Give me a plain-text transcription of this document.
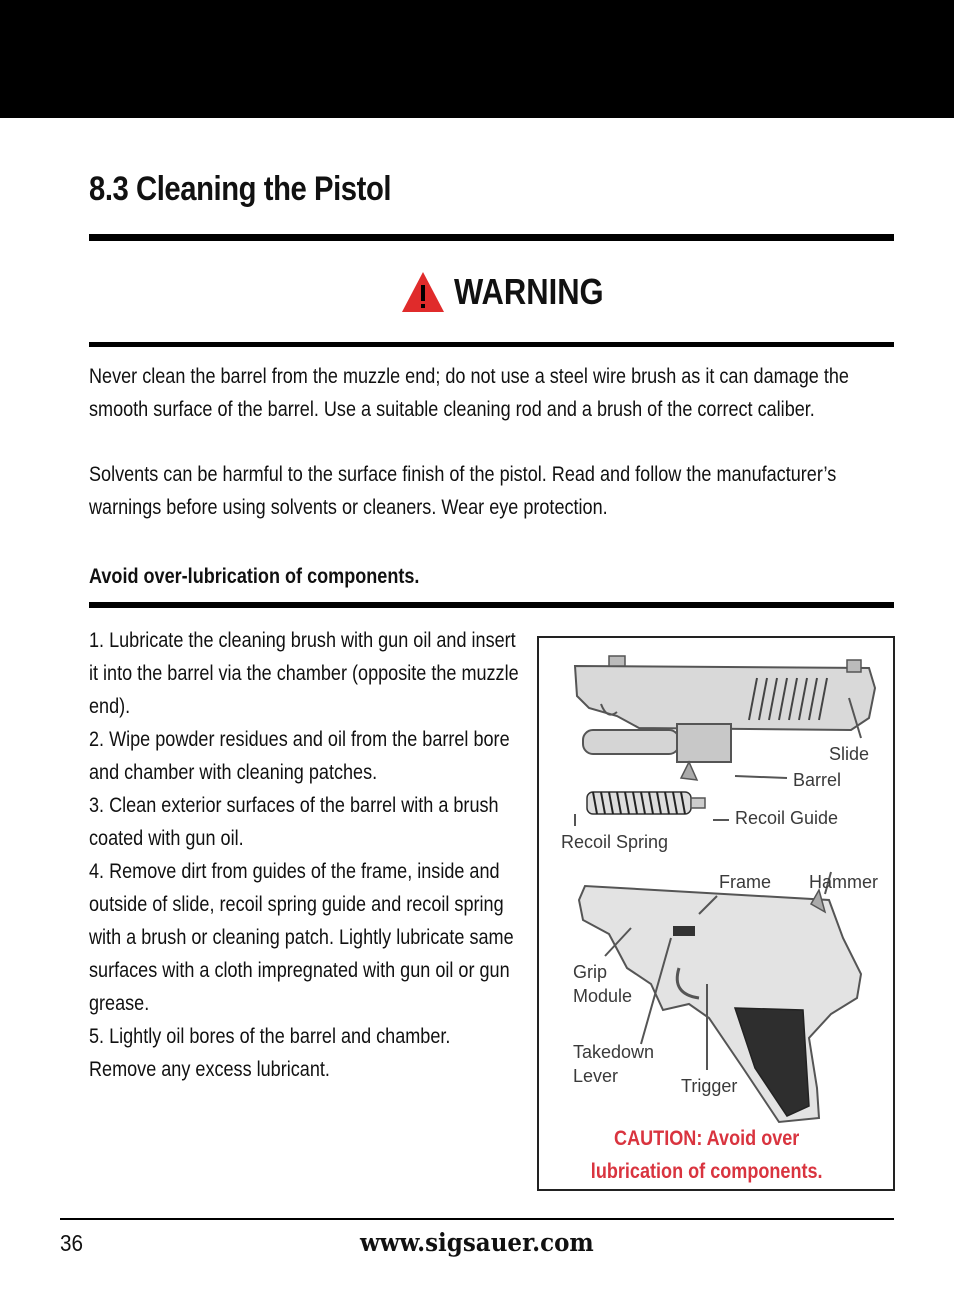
8.3 Cleaning the Pistol
WARNING

Never clean the barrel from the muzzle end; do not use a steel wire brush as it can damage the smooth surface of the barrel. Use a suitable cleaning rod and a brush of the correct caliber.

Solvents can be harmful to the surface finish of the pistol. Read and follow the manufacturer’s warnings before using solvents or cleaners. Wear eye protection.

Avoid over-lubrication of components.

1. Lubricate the cleaning brush with gun oil and insert it into the barrel via the chamber (opposite the muzzle end).
2. Wipe powder residues and oil from the barrel bore and chamber with cleaning patches.
3. Clean exterior surfaces of the barrel with a brush coated with gun oil.
4. Remove dirt from guides of the frame, inside and outside of slide, recoil spring guide and recoil spring with a brush or cleaning patch. Lightly lubricate same surfaces with a cloth impregnated with gun oil or gun grease.
5. Lightly oil bores of the barrel and chamber. Remove any excess lubricant.
Slide
Barrel
Recoil Guide
Recoil Spring
Frame Hammer
Grip
Module
Takedown
Lever	Trigger

CAUTION: Avoid over
lubrication of components.

36	www.sigsauer.com
